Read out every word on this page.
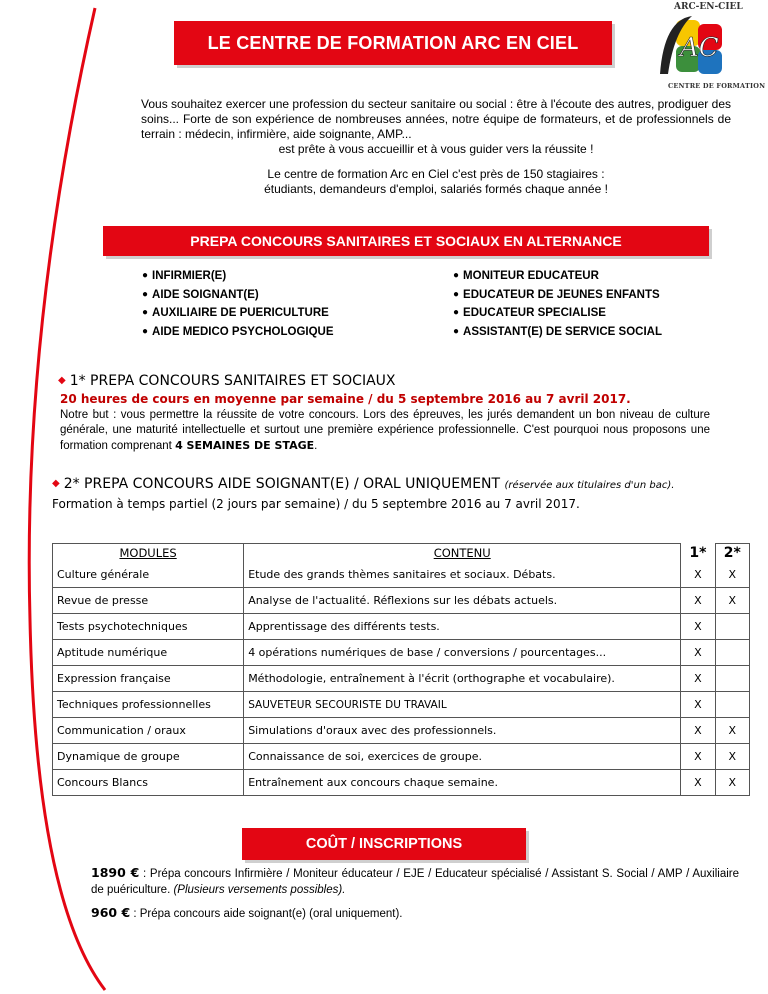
LE CENTRE DE FORMATION ARC EN CIEL
ARC-EN-CIEL
AC
CENTRE DE FORMATION

Vous souhaitez exercer une profession du secteur sanitaire ou social : être à l'écoute des autres, prodiguer des soins... Forte de son expérience de nombreuses années, notre équipe de formateurs, et de professionnels de terrain : médecin, infirmière, aide soignante, AMP...
est prête à vous accueillir et à vous guider vers la réussite !

Le centre de formation Arc en Ciel c'est près de 150 stagiaires :
étudiants, demandeurs d'emploi, salariés formés chaque année !

PREPA CONCOURS SANITAIRES ET SOCIAUX EN ALTERNANCE
● INFIRMIER(E)
● AIDE SOIGNANT(E)
● AUXILIAIRE DE PUERICULTURE
● AIDE MEDICO PSYCHOLOGIQUE
● MONITEUR EDUCATEUR
● EDUCATEUR DE JEUNES ENFANTS
● EDUCATEUR SPECIALISE
● ASSISTANT(E) DE SERVICE SOCIAL
◆ 1* PREPA CONCOURS SANITAIRES ET SOCIAUX
20 heures de cours en moyenne par semaine / du 5 septembre 2016 au 7 avril 2017.

Notre but : vous permettre la réussite de votre concours. Lors des épreuves, les jurés demandent un bon niveau de culture générale, une maturité intellectuelle et surtout une première expérience professionnelle. C'est pourquoi nous proposons une formation comprenant 4 SEMAINES DE STAGE.

◆ 2* PREPA CONCOURS AIDE SOIGNANT(E) / ORAL UNIQUEMENT (réservée aux titulaires d'un bac).
Formation à temps partiel (2 jours par semaine) / du 5 septembre 2016 au 7 avril 2017.
MODULES	CONTENU	1*	2*
Culture générale	Etude des grands thèmes sanitaires et sociaux. Débats.	X	X
Revue de presse	Analyse de l'actualité. Réflexions sur les débats actuels.	X	X
Tests psychotechniques	Apprentissage des différents tests.	X	
Aptitude numérique	4 opérations numériques de base / conversions / pourcentages...	X	
Expression française	Méthodologie, entraînement à l'écrit (orthographe et vocabulaire).	X	
Techniques professionnelles	SAUVETEUR SECOURISTE DU TRAVAIL	X	
Communication / oraux	Simulations d'oraux avec des professionnels.	X	X
Dynamique de groupe	Connaissance de soi, exercices de groupe.	X	X
Concours Blancs	Entraînement aux concours chaque semaine.	X	X
COÛT / INSCRIPTIONS

1890 € : Prépa concours Infirmière / Moniteur éducateur / EJE / Educateur spécialisé / Assistant S. Social / AMP / Auxiliaire de puériculture. (Plusieurs versements possibles).

960 € : Prépa concours aide soignant(e) (oral uniquement).
